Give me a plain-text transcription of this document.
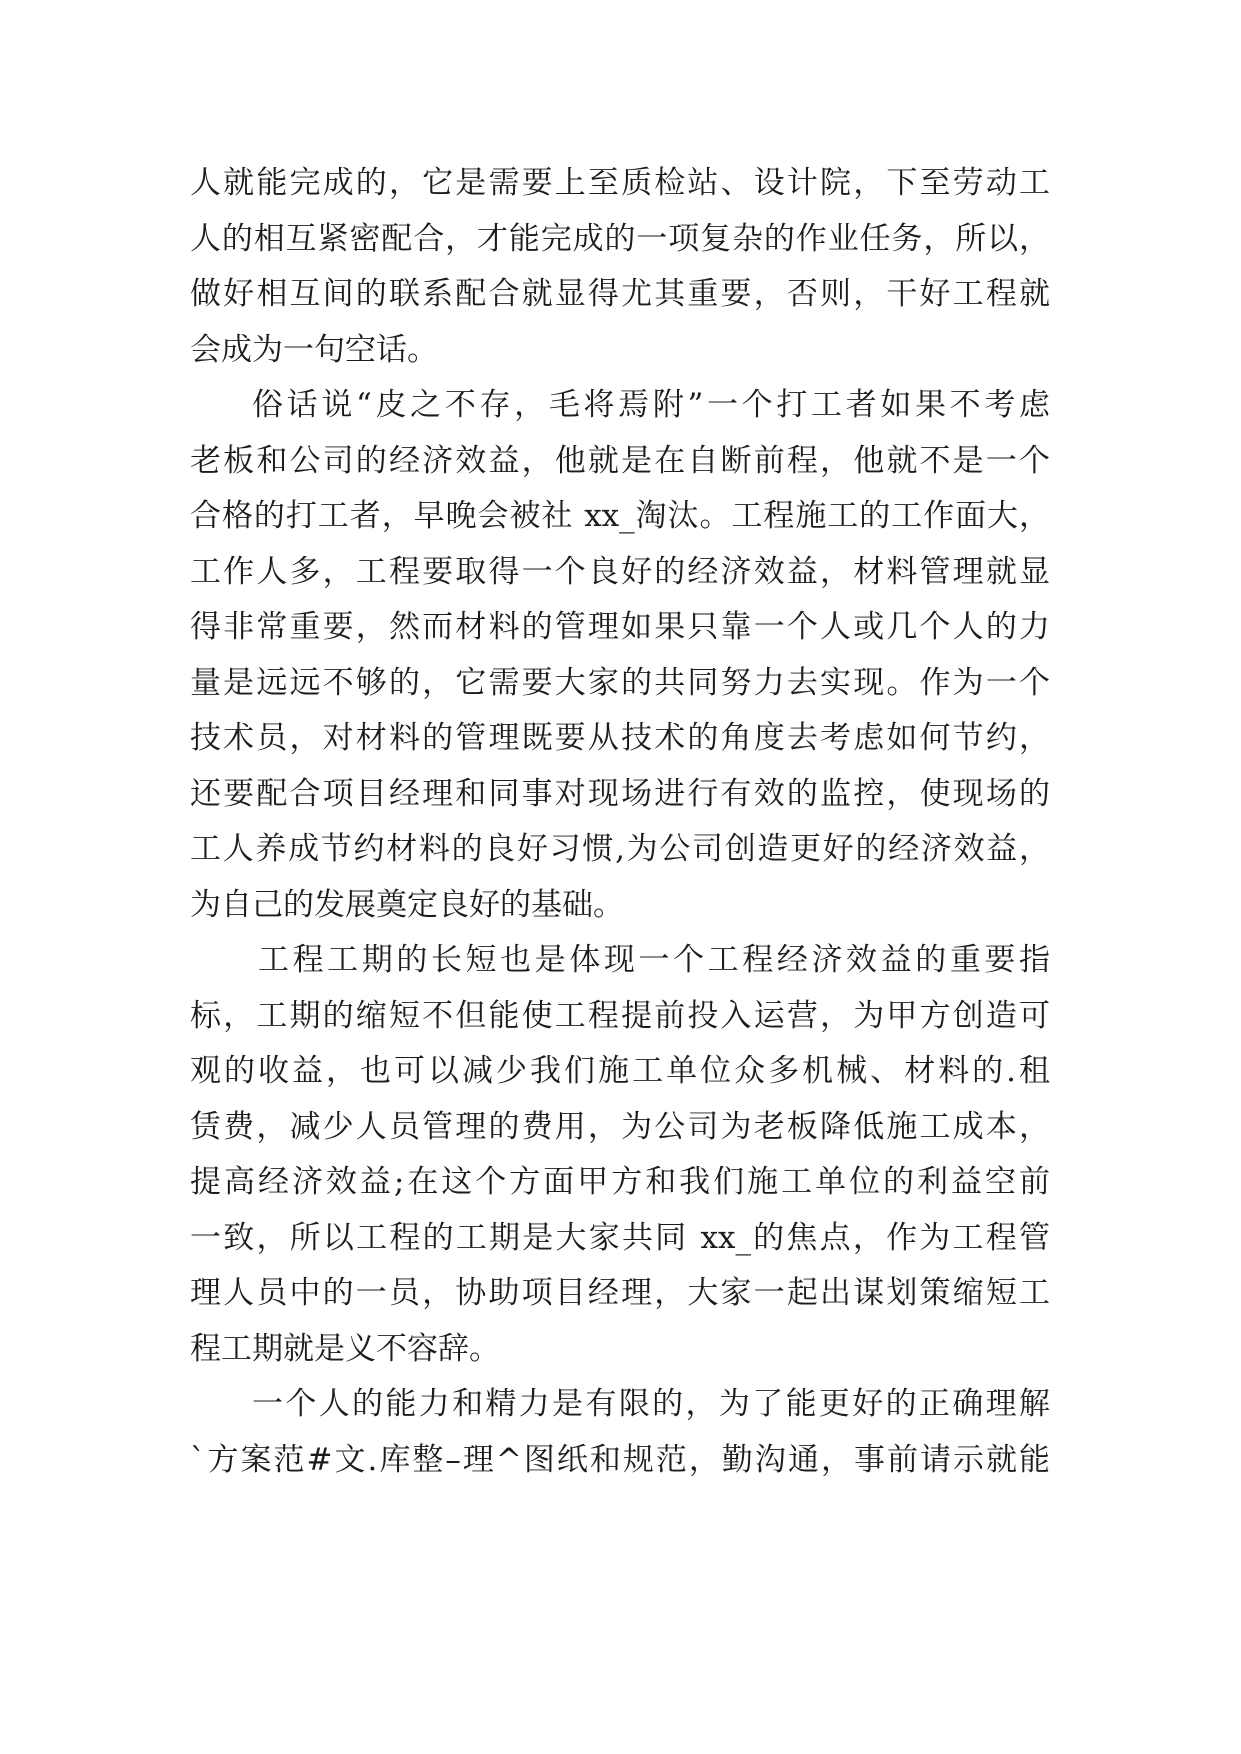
人就能完成的，它是需要上至质检站、设计院，下至劳动工
人的相互紧密配合，才能完成的一项复杂的作业任务，所以，
做好相互间的联系配合就显得尤其重要，否则，干好工程就
会成为一句空话。
俗话说“皮之不存，毛将焉附”一个打工者如果不考虑
老板和公司的经济效益，他就是在自断前程，他就不是一个
合格的打工者，早晚会被社 xx_淘汰。工程施工的工作面大，
工作人多，工程要取得一个良好的经济效益，材料管理就显
得非常重要，然而材料的管理如果只靠一个人或几个人的力
量是远远不够的，它需要大家的共同努力去实现。作为一个
技术员，对材料的管理既要从技术的角度去考虑如何节约，
还要配合项目经理和同事对现场进行有效的监控，使现场的
工人养成节约材料的良好习惯,为公司创造更好的经济效益，
为自己的发展奠定良好的基础。
工程工期的长短也是体现一个工程经济效益的重要指
标，工期的缩短不但能使工程提前投入运营，为甲方创造可
观的收益，也可以减少我们施工单位众多机械、材料的.租
赁费，减少人员管理的费用，为公司为老板降低施工成本，
提高经济效益;在这个方面甲方和我们施工单位的利益空前
一致，所以工程的工期是大家共同 xx_的焦点，作为工程管
理人员中的一员，协助项目经理，大家一起出谋划策缩短工
程工期就是义不容辞。
一个人的能力和精力是有限的，为了能更好的正确理解
`方案范#文.库整–理^图纸和规范，勤沟通，事前请示就能
